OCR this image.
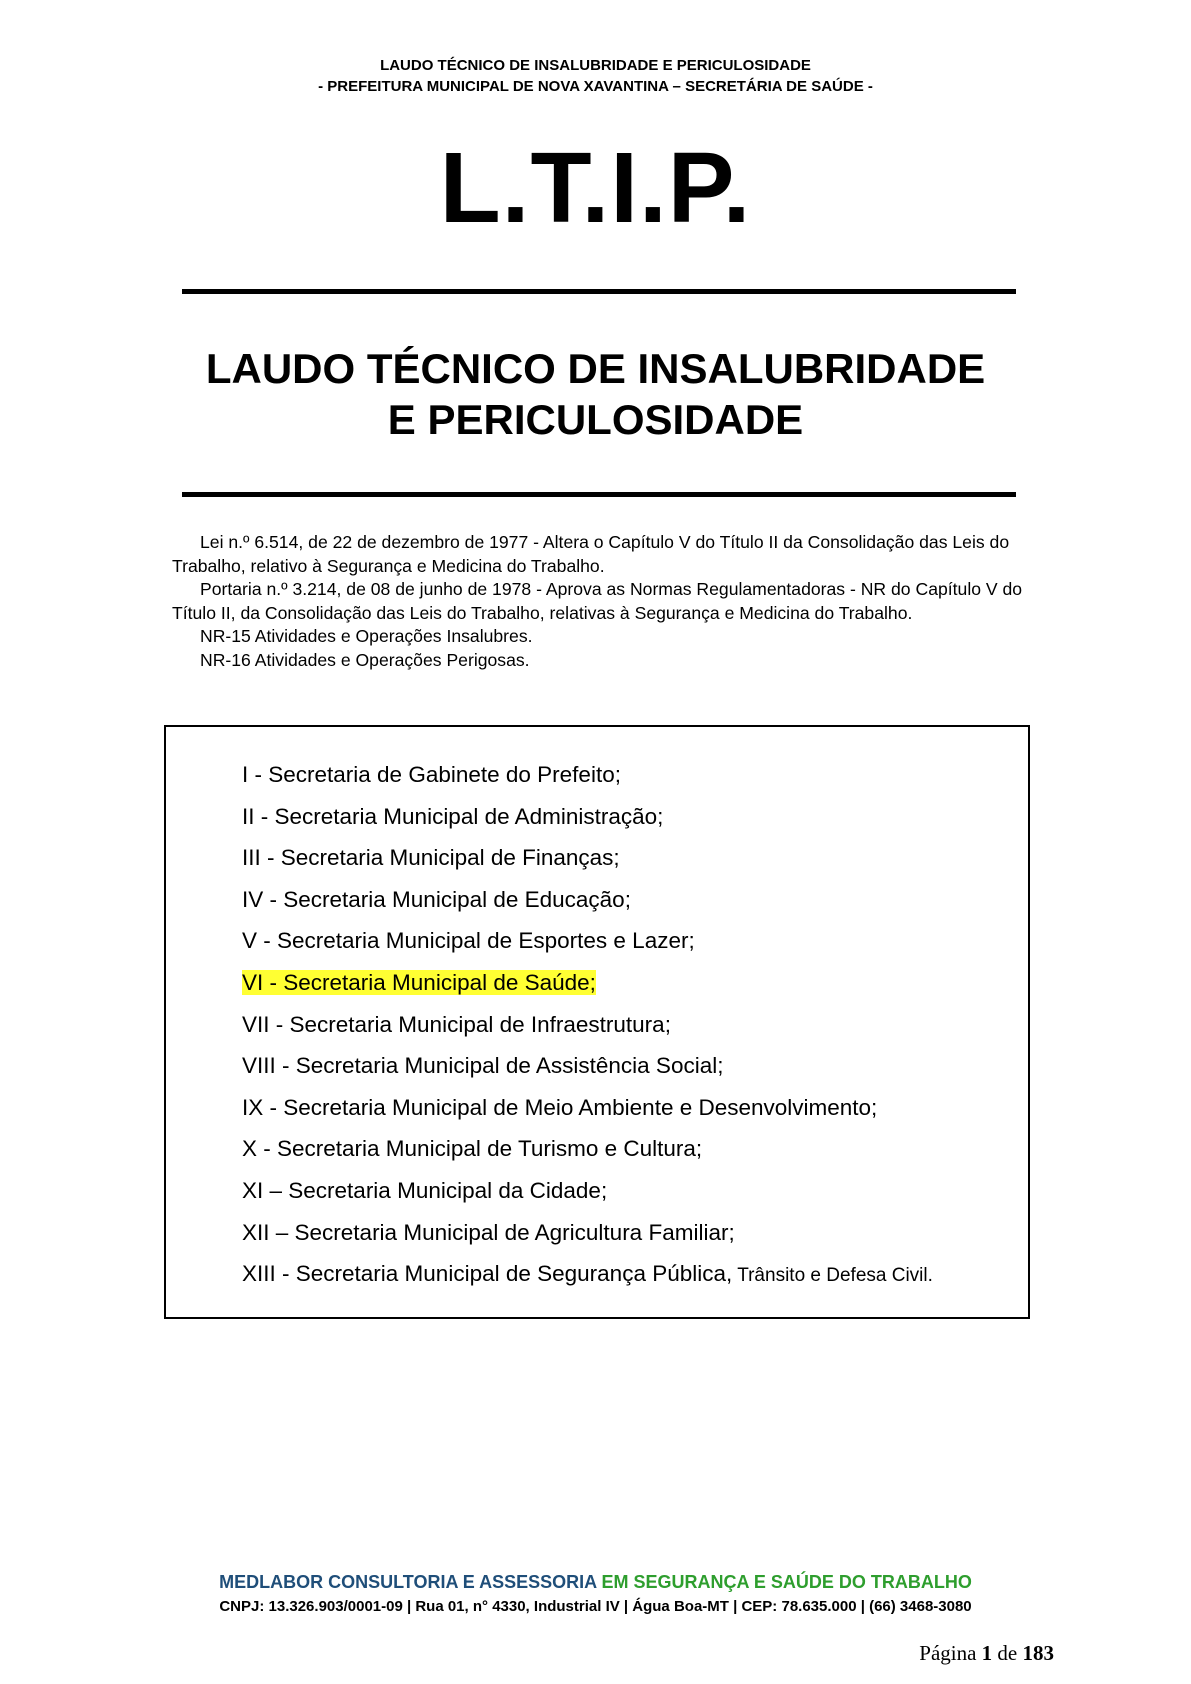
LAUDO TÉCNICO DE INSALUBRIDADE E PERICULOSIDADE
- PREFEITURA MUNICIPAL DE NOVA XAVANTINA – SECRETÁRIA DE SAÚDE -
L.T.I.P.
LAUDO TÉCNICO DE INSALUBRIDADE
E PERICULOSIDADE

Lei n.º 6.514, de 22 de dezembro de 1977 - Altera o Capítulo V do Título II da Consolidação das Leis do Trabalho, relativo à Segurança e Medicina do Trabalho.

Portaria n.º 3.214, de 08 de junho de 1978 - Aprova as Normas Regulamentadoras - NR do Capítulo V do Título II, da Consolidação das Leis do Trabalho, relativas à Segurança e Medicina do Trabalho.

NR-15 Atividades e Operações Insalubres.

NR-16 Atividades e Operações Perigosas.

I - Secretaria de Gabinete do Prefeito;
II - Secretaria Municipal de Administração;
III - Secretaria Municipal de Finanças;
IV - Secretaria Municipal de Educação;
V - Secretaria Municipal de Esportes e Lazer;
VI - Secretaria Municipal de Saúde;
VII - Secretaria Municipal de Infraestrutura;
VIII - Secretaria Municipal de Assistência Social;
IX - Secretaria Municipal de Meio Ambiente e Desenvolvimento;
X - Secretaria Municipal de Turismo e Cultura;
XI – Secretaria Municipal da Cidade;
XII – Secretaria Municipal de Agricultura Familiar;
XIII - Secretaria Municipal de Segurança Pública, Trânsito e Defesa Civil.
MEDLABOR CONSULTORIA E ASSESSORIA EM SEGURANÇA E SAÚDE DO TRABALHO
CNPJ: 13.326.903/0001-09 | Rua 01, n° 4330, Industrial IV | Água Boa-MT | CEP: 78.635.000 | (66) 3468-3080
Página 1 de 183
